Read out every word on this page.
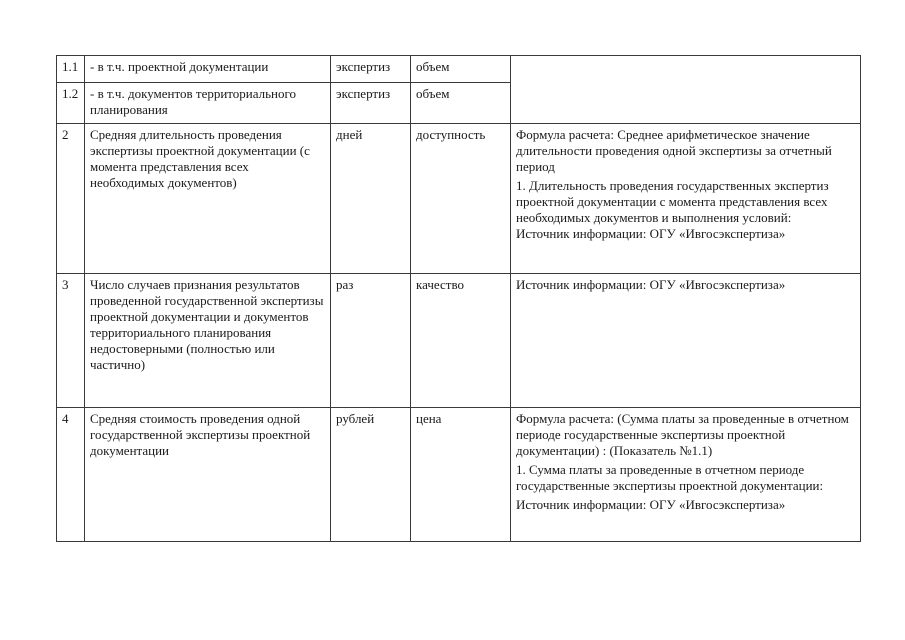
1.1	- в т.ч. проектной документации	экспертиз	объем	
1.2	- в т.ч. документов территориального планирования	экспертиз	объем	
2	Средняя длительность проведения экспертизы проектной документации (с момента представления всех необходимых документов)	дней	доступность	Формула расчета: Среднее арифметическое значение длительности проведения одной экспертизы за отчетный период
1. Длительность проведения государственных экспертиз проектной документации с момента представления всех необходимых документов и выполнения условий:
Источник информации: ОГУ «Ивгосэкспертиза»

3	Число случаев признания результатов проведенной государственной экспертизы проектной документации и документов территориального планирования недостоверными (полностью или частично)	раз	качество	Источник информации: ОГУ «Ивгосэкспертиза»

4	Средняя стоимость проведения одной государственной экспертизы проектной документации	рублей	цена	Формула расчета: (Сумма платы за проведенные в отчетном периоде государственные экспертизы проектной документации) : (Показатель №1.1)
1. Сумма платы за проведенные в отчетном периоде государственные экспертизы проектной документации:
Источник информации: ОГУ «Ивгосэкспертиза»
